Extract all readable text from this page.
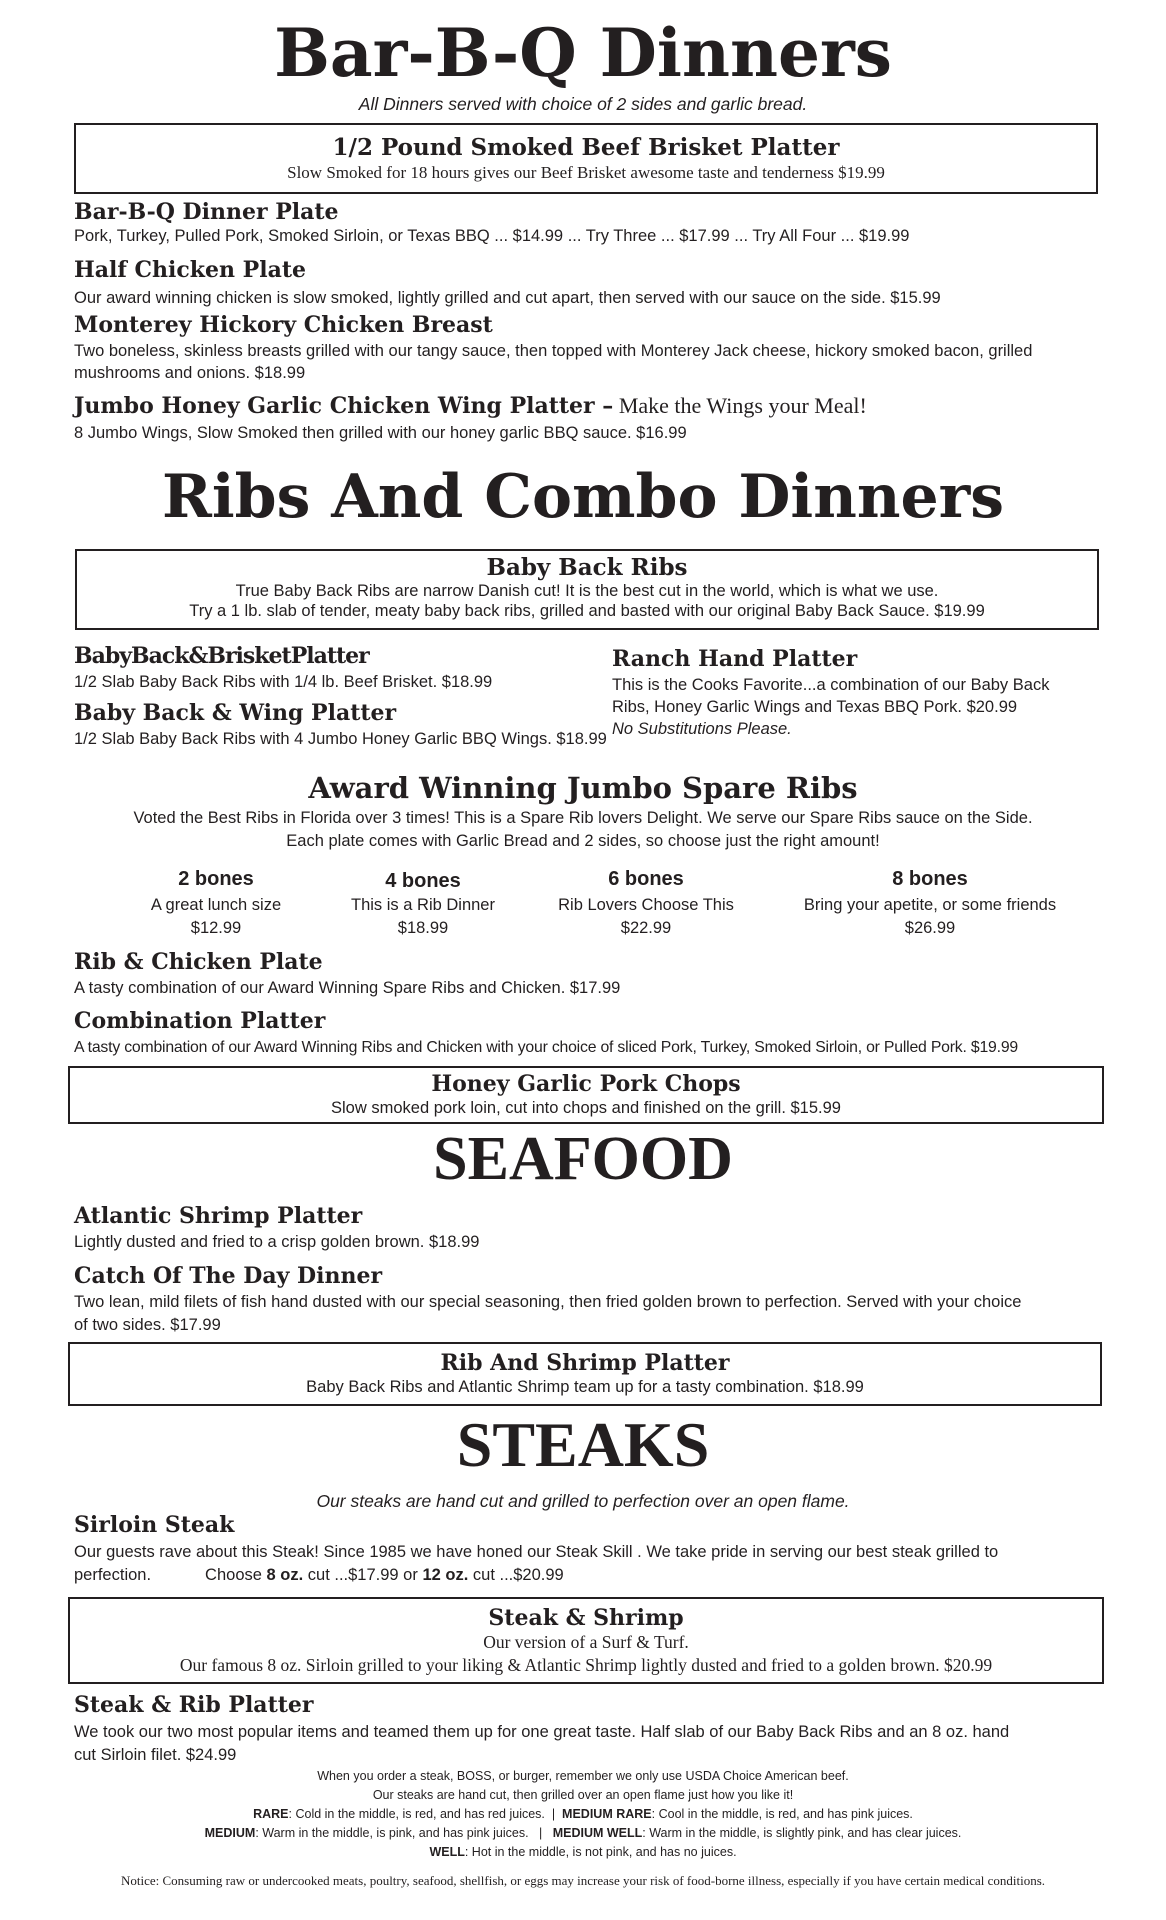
Bar-B-Q Dinners
All Dinners served with choice of 2 sides and garlic bread.
1/2 Pound Smoked Beef Brisket Platter
Slow Smoked for 18 hours gives our Beef Brisket awesome taste and tenderness $19.99
Bar-B-Q Dinner Plate
Pork, Turkey, Pulled Pork, Smoked Sirloin, or Texas BBQ ... $14.99 ... Try Three ... $17.99 ... Try All Four ... $19.99
Half Chicken Plate
Our award winning chicken is slow smoked, lightly grilled and cut apart, then served with our sauce on the side. $15.99
Monterey Hickory Chicken Breast
Two boneless, skinless breasts grilled with our tangy sauce, then topped with Monterey Jack cheese, hickory smoked bacon, grilled
mushrooms and onions. $18.99
Jumbo Honey Garlic Chicken Wing Platter – Make the Wings your Meal!
8 Jumbo Wings, Slow Smoked then grilled with our honey garlic BBQ sauce. $16.99
Ribs And Combo Dinners
Baby Back Ribs
True Baby Back Ribs are narrow Danish cut! It is the best cut in the world, which is what we use.
Try a 1 lb. slab of tender, meaty baby back ribs, grilled and basted with our original Baby Back Sauce. $19.99
BabyBack&BrisketPlatter
1/2 Slab Baby Back Ribs with 1/4 lb. Beef Brisket. $18.99
Baby Back & Wing Platter
1/2 Slab Baby Back Ribs with 4 Jumbo Honey Garlic BBQ Wings. $18.99
Ranch Hand Platter
This is the Cooks Favorite...a combination of our Baby Back
Ribs, Honey Garlic Wings and Texas BBQ Pork. $20.99
No Substitutions Please.
Award Winning Jumbo Spare Ribs
Voted the Best Ribs in Florida over 3 times! This is a Spare Rib lovers Delight. We serve our Spare Ribs sauce on the Side.
Each plate comes with Garlic Bread and 2 sides, so choose just the right amount!
2 bones
A great lunch size
$12.99
4 bones
This is a Rib Dinner
$18.99
6 bones
Rib Lovers Choose This
$22.99
8 bones
Bring your apetite, or some friends
$26.99
Rib & Chicken Plate
A tasty combination of our Award Winning Spare Ribs and Chicken. $17.99
Combination Platter
A tasty combination of our Award Winning Ribs and Chicken with your choice of sliced Pork, Turkey, Smoked Sirloin, or Pulled Pork. $19.99
Honey Garlic Pork Chops
Slow smoked pork loin, cut into chops and finished on the grill. $15.99
SEAFOOD
Atlantic Shrimp Platter
Lightly dusted and fried to a crisp golden brown. $18.99
Catch Of The Day Dinner
Two lean, mild filets of fish hand dusted with our special seasoning, then fried golden brown to perfection. Served with your choice
of two sides. $17.99
Rib And Shrimp Platter
Baby Back Ribs and Atlantic Shrimp team up for a tasty combination. $18.99
STEAKS
Our steaks are hand cut and grilled to perfection over an open flame.
Sirloin Steak
Our guests rave about this Steak! Since 1985 we have honed our Steak Skill . We take pride in serving our best steak grilled to
perfection.	Choose 8 oz. cut ...$17.99 or 12 oz. cut ...$20.99
Steak & Shrimp
Our version of a Surf & Turf.
Our famous 8 oz. Sirloin grilled to your liking & Atlantic Shrimp lightly dusted and fried to a golden brown. $20.99
Steak & Rib Platter
We took our two most popular items and teamed them up for one great taste. Half slab of our Baby Back Ribs and an 8 oz. hand
cut Sirloin filet. $24.99
When you order a steak, BOSS, or burger, remember we only use USDA Choice American beef.
Our steaks are hand cut, then grilled over an open flame just how you like it!
RARE: Cold in the middle, is red, and has red juices.  |  MEDIUM RARE: Cool in the middle, is red, and has pink juices.
MEDIUM: Warm in the middle, is pink, and has pink juices.   |   MEDIUM WELL: Warm in the middle, is slightly pink, and has clear juices.
WELL: Hot in the middle, is not pink, and has no juices.
Notice: Consuming raw or undercooked meats, poultry, seafood, shellfish, or eggs may increase your risk of food-borne illness, especially if you have certain medical conditions.
